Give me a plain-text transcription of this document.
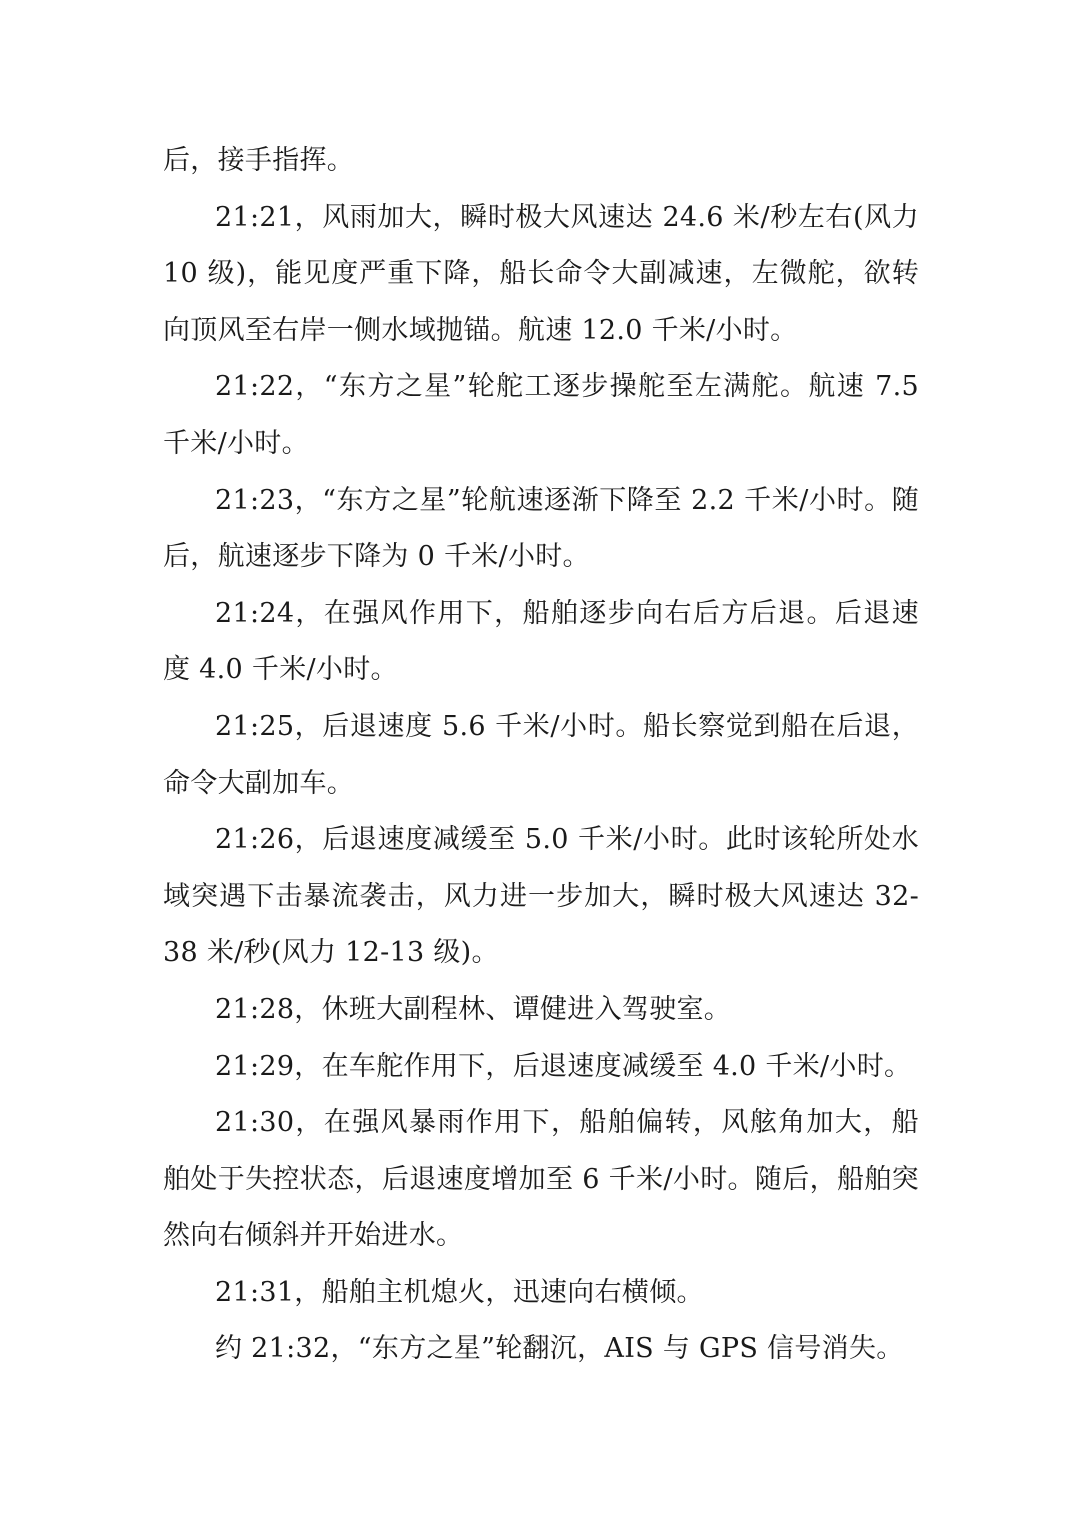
后，接手指挥。

21:21，风雨加大，瞬时极大风速达 24.6 米/秒左右(风力 10 级)，能见度严重下降，船长命令大副减速，左微舵，欲转向顶风至右岸一侧水域抛锚。航速 12.0 千米/小时。

21:22，“东方之星”轮舵工逐步操舵至左满舵。航速 7.5 千米/小时。

21:23，“东方之星”轮航速逐渐下降至 2.2 千米/小时。随后，航速逐步下降为 0 千米/小时。

21:24，在强风作用下，船舶逐步向右后方后退。后退速度 4.0 千米/小时。

21:25，后退速度 5.6 千米/小时。船长察觉到船在后退，命令大副加车。

21:26，后退速度减缓至 5.0 千米/小时。此时该轮所处水域突遇下击暴流袭击，风力进一步加大，瞬时极大风速达 32-38 米/秒(风力 12-13 级)。

21:28，休班大副程林、谭健进入驾驶室。

21:29，在车舵作用下，后退速度减缓至 4.0 千米/小时。

21:30，在强风暴雨作用下，船舶偏转，风舷角加大，船舶处于失控状态，后退速度增加至 6 千米/小时。随后，船舶突然向右倾斜并开始进水。

21:31，船舶主机熄火，迅速向右横倾。

约 21:32，“东方之星”轮翻沉，AIS 与 GPS 信号消失。
